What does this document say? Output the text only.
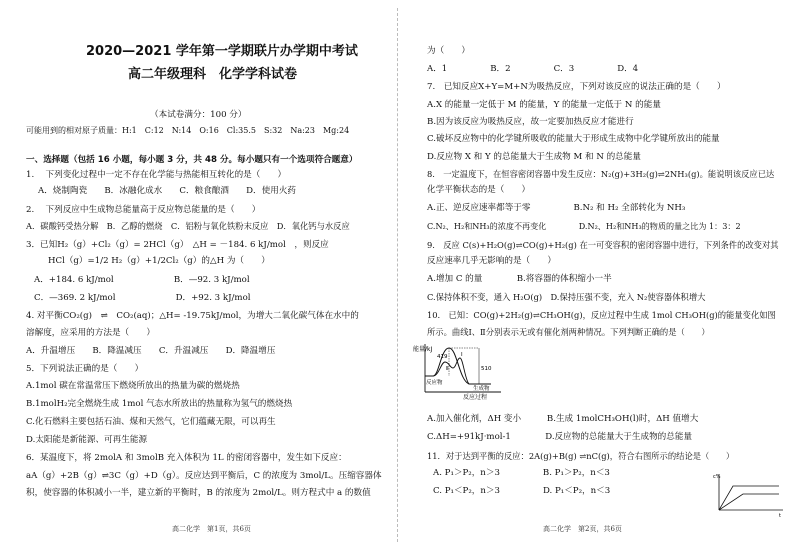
2020—2021 学年第一学期联片办学期中考试
高二年级理科　化学学科试卷
（本试卷满分：100 分）
可能用到的相对原子质量：H:1　C:12　N:14　O:16　Cl:35.5　S:32　Na:23　Mg:24
一、选择题（包括 16 小题，每小题 3 分，共 48 分。每小题只有一个选项符合题意）
1. 　下列变化过程中一定不存在化学能与热能相互转化的是（　　）
A．烧制陶瓷　　B．冰融化成水　　C．粮食酿酒　　D．使用火药
2. 　下列反应中生成物总能量高于反应物总能量的是（　　）
A．碳酸钙受热分解　B．乙醇的燃烧　C．铝粉与氧化铁粉末反应　D．氧化钙与水反应
3．已知H₂（g）+Cl₂（g）= 2HCl（g）　△H = －184. 6 kJ/mol　，则反应
HCl（g）=1/2 H₂（g）+1/2Cl₂（g）的△H 为（　　）
A．+184. 6 kJ/mol　　　　　　　B．—92. 3 kJ/mol
C．—369. 2 kJ/mol　　　　　　　D．+92. 3 kJ/mol
4. 对平衡CO₂(g)　⇌　CO₂(aq)；△H= -19.75kJ/mol，为增大二氧化碳气体在水中的
溶解度，应采用的方法是（　　）
A．升温增压　　B．降温减压　　C．升温减压　　D．降温增压
5．下列说法正确的是（　　）
A.1mol 碳在常温常压下燃烧所放出的热量为碳的燃烧热
B.1molH₂完全燃烧生成 1mol 气态水所放出的热量称为氢气的燃烧热
C.化石燃料主要包括石油、煤和天然气，它们蕴藏无限，可以再生
D.太阳能是新能源、可再生能源
6．某温度下，将 2molA 和 3molB 充入体积为 1L 的密闭容器中，发生如下反应：
aA（g）+2B（g）⇌3C（g）+D（g）。反应达到平衡后，C 的浓度为 3mol/L。压缩容器体
积，使容器的体积减小一半，建立新的平衡时，B 的浓度为 2mol/L。则方程式中 a 的数值
高二化学　第1页，共6页
为（　　）
A．1　　　　　B．2　　　　　C．3　　　　　D．4
7.　已知反应X+Y=M+N为吸热反应，下列对该反应的说法正确的是（　　）
A.X 的能量一定低于 M 的能量，Y 的能量一定低于 N 的能量
B.因为该反应为吸热反应，故一定要加热反应才能进行
C.破坏反应物中的化学键所吸收的能量大于形成生成物中化学键所放出的能量
D.反应物 X 和 Y 的总能量大于生成物 M 和 N 的总能量
8.　一定温度下，在恒容密闭容器中发生反应：N₂(g)+3H₂(g)⇌2NH₃(g)。能说明该反应已达
化学平衡状态的是（　　）
A.正、逆反应速率都等于零　　　　　B.N₂ 和 H₂ 全部转化为 NH₃
C.N₂、H₂和NH₃的浓度不再变化　　　　D.N₂、H₂和NH₃的物质的量之比为 1：3：2
9.　反应 C(s)+H₂O(g)⇌CO(g)+H₂(g) 在一可变容积的密闭容器中进行，下列条件的改变对其
反应速率几乎无影响的是（　　）
A.增加 C 的量　　　　B.将容器的体积缩小一半
C.保持体积不变，通入 H₂O(g)　D.保持压强不变，充入 N₂使容器体积增大
10.　已知：CO(g)+2H₂(g)⇌CH₃OH(g)，反应过程中生成 1mol CH₃OH(g)的能量变化如图
所示。曲线Ⅰ、Ⅱ分别表示无或有催化剂两种情况。下列判断正确的是（　　）
能量/kJ
反应过程
419
510
Ⅰ
Ⅱ
反应物
生成物
A.加入催化剂，ΔH 变小　　　B.生成 1molCH₃OH(l)时，ΔH 值增大
C.ΔH=+91kJ·mol-1　　　　D.反应物的总能量大于生成物的总能量
11．对于达到平衡的反应：2A(g)+B(g) ⇌nC(g)，符合右图所示的结论是（　　）
A. P₁＞P₂，n＞3　　　　　B. P₁＞P₂，n＜3
C. P₁＜P₂，n＞3　　　　　D. P₁＜P₂，n＜3
c%
t
高二化学　第2页，共6页
